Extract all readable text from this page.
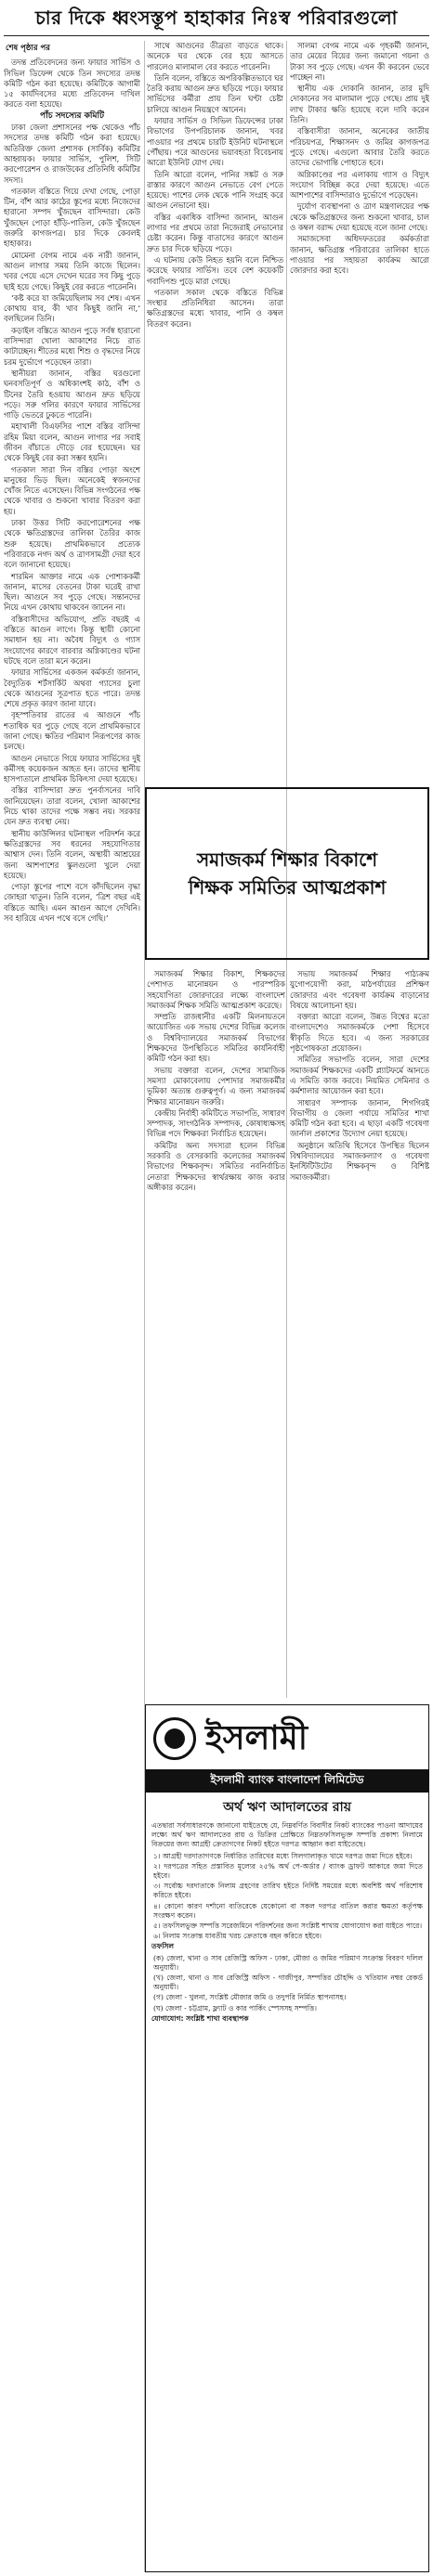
চার দিকে ধ্বংসস্তূপ হাহাকার নিঃস্ব পরিবারগুলো
শেষ পৃষ্ঠার পর

তদন্ত প্রতিবেদনের জন্য ফায়ার সার্ভিস ও সিভিল ডিফেন্স থেকে তিন সদস্যের তদন্ত কমিটি গঠন করা হয়েছে। কমিটিকে আগামী ১৫ কার্যদিবসের মধ্যে প্রতিবেদন দাখিল করতে বলা হয়েছে।

পাঁচ সদস্যের কমিটি

ঢাকা জেলা প্রশাসনের পক্ষ থেকেও পাঁচ সদস্যের তদন্ত কমিটি গঠন করা হয়েছে। অতিরিক্ত জেলা প্রশাসক (সার্বিক) কমিটির আহ্বায়ক। ফায়ার সার্ভিস, পুলিশ, সিটি করপোরেশন ও রাজউকের প্রতিনিধি কমিটির সদস্য।

গতকাল বস্তিতে গিয়ে দেখা গেছে, পোড়া টিন, বাঁশ আর কাঠের স্তূপের মধ্যে নিজেদের হারানো সম্পদ খুঁজছেন বাসিন্দারা। কেউ খুঁজছেন পোড়া হাঁড়ি-পাতিল, কেউ খুঁজছেন জরুরি কাগজপত্র। চার দিকে কেবলই হাহাকার।

মোমেনা বেগম নামে এক নারী জানান, আগুন লাগার সময় তিনি কাজে ছিলেন। খবর পেয়ে এসে দেখেন ঘরের সব কিছু পুড়ে ছাই হয়ে গেছে। কিছুই বের করতে পারেননি।

‘কষ্ট করে যা জমিয়েছিলাম সব শেষ। এখন কোথায় যাব, কী খাব কিছুই জানি না,’ বলছিলেন তিনি।

কড়াইল বস্তিতে আগুন পুড়ে সর্বস্ব হারানো বাসিন্দারা খোলা আকাশের নিচে রাত কাটাচ্ছেন। শীতের মধ্যে শিশু ও বৃদ্ধদের নিয়ে চরম দুর্ভোগে পড়েছেন তারা।

স্থানীয়রা জানান, বস্তির ঘরগুলো ঘনবসতিপূর্ণ ও অধিকাংশই কাঠ, বাঁশ ও টিনের তৈরি হওয়ায় আগুন দ্রুত ছড়িয়ে পড়ে। সরু গলির কারণে ফায়ার সার্ভিসের গাড়ি ভেতরে ঢুকতে পারেনি।

মহাখালী বিএফসির পাশে বস্তির বাসিন্দা রহিম মিয়া বলেন, আগুন লাগার পর সবাই জীবন বাঁচাতে দৌড়ে বের হয়েছেন। ঘর থেকে কিছুই বের করা সম্ভব হয়নি।

গতকাল সারা দিন বস্তির পোড়া অংশে মানুষের ভিড় ছিল। অনেকেই স্বজনদের খোঁজ নিতে এসেছেন। বিভিন্ন সংগঠনের পক্ষ থেকে খাবার ও শুকনো খাবার বিতরণ করা হয়।

ঢাকা উত্তর সিটি করপোরেশনের পক্ষ থেকে ক্ষতিগ্রস্তদের তালিকা তৈরির কাজ শুরু হয়েছে। প্রাথমিকভাবে প্রত্যেক পরিবারকে নগদ অর্থ ও ত্রাণসামগ্রী দেয়া হবে বলে জানানো হয়েছে।

শারমিন আক্তার নামে এক পোশাককর্মী জানান, মাসের বেতনের টাকা ঘরেই রাখা ছিল। আগুনে সব পুড়ে গেছে। সন্তানদের নিয়ে এখন কোথায় থাকবেন জানেন না।

বস্তিবাসীদের অভিযোগ, প্রতি বছরই এ বস্তিতে আগুন লাগে। কিন্তু স্থায়ী কোনো সমাধান হয় না। অবৈধ বিদ্যুৎ ও গ্যাস সংযোগের কারণে বারবার অগ্নিকাণ্ডের ঘটনা ঘটছে বলে তারা মনে করেন।

ফায়ার সার্ভিসের একজন কর্মকর্তা জানান, বৈদ্যুতিক শর্টসার্কিট অথবা গ্যাসের চুলা থেকে আগুনের সূত্রপাত হতে পারে। তদন্ত শেষে প্রকৃত কারণ জানা যাবে।

বৃহস্পতিবার রাতের এ আগুনে পাঁচ শতাধিক ঘর পুড়ে গেছে বলে প্রাথমিকভাবে জানা গেছে। ক্ষতির পরিমাণ নিরূপণের কাজ চলছে।

আগুন নেভাতে গিয়ে ফায়ার সার্ভিসের দুই কর্মীসহ কয়েকজন আহত হন। তাদের স্থানীয় হাসপাতালে প্রাথমিক চিকিৎসা দেয়া হয়েছে।

বস্তির বাসিন্দারা দ্রুত পুনর্বাসনের দাবি জানিয়েছেন। তারা বলেন, খোলা আকাশের নিচে থাকা তাদের পক্ষে সম্ভব নয়। সরকার যেন দ্রুত ব্যবস্থা নেয়।

স্থানীয় কাউন্সিলর ঘটনাস্থল পরিদর্শন করে ক্ষতিগ্রস্তদের সব ধরনের সহযোগিতার আশ্বাস দেন। তিনি বলেন, অস্থায়ী আশ্রয়ের জন্য আশপাশের স্কুলগুলো খুলে দেয়া হয়েছে।

পোড়া স্তূপের পাশে বসে কাঁদছিলেন বৃদ্ধা জোহরা খাতুন। তিনি বলেন, ‘ত্রিশ বছর এই বস্তিতে আছি। এমন আগুন আগে দেখিনি। সব হারিয়ে এখন পথে বসে গেছি।’

সাথে আগুনের তীব্রতা বাড়তে থাকে। অনেকে ঘর থেকে বের হয়ে আসতে পারলেও মালামাল বের করতে পারেননি।

তিনি বলেন, বস্তিতে অপরিকল্পিতভাবে ঘর তৈরি করায় আগুন দ্রুত ছড়িয়ে পড়ে। ফায়ার সার্ভিসের কর্মীরা প্রায় তিন ঘণ্টা চেষ্টা চালিয়ে আগুন নিয়ন্ত্রণে আনেন।

ফায়ার সার্ভিস ও সিভিল ডিফেন্সের ঢাকা বিভাগের উপপরিচালক জানান, খবর পাওয়ার পর প্রথমে চারটি ইউনিট ঘটনাস্থলে পৌঁছায়। পরে আগুনের ভয়াবহতা বিবেচনায় আরো ইউনিট যোগ দেয়।

তিনি আরো বলেন, পানির সঙ্কট ও সরু রাস্তার কারণে আগুন নেভাতে বেগ পেতে হয়েছে। পাশের লেক থেকে পানি সংগ্রহ করে আগুন নেভানো হয়।

বস্তির একাধিক বাসিন্দা জানান, আগুন লাগার পর প্রথমে তারা নিজেরাই নেভানোর চেষ্টা করেন। কিন্তু বাতাসের কারণে আগুন দ্রুত চার দিকে ছড়িয়ে পড়ে।

এ ঘটনায় কেউ নিহত হয়নি বলে নিশ্চিত করেছে ফায়ার সার্ভিস। তবে বেশ কয়েকটি গবাদিপশু পুড়ে মারা গেছে।

গতকাল সকাল থেকে বস্তিতে বিভিন্ন সংস্থার প্রতিনিধিরা আসেন। তারা ক্ষতিগ্রস্তদের মধ্যে খাবার, পানি ও কম্বল বিতরণ করেন।

সালমা বেগম নামে এক গৃহকর্মী জানান, তার মেয়ের বিয়ের জন্য জমানো গয়না ও টাকা সব পুড়ে গেছে। এখন কী করবেন ভেবে পাচ্ছেন না।

স্থানীয় এক দোকানি জানান, তার মুদি দোকানের সব মালামাল পুড়ে গেছে। প্রায় দুই লাখ টাকার ক্ষতি হয়েছে বলে দাবি করেন তিনি।

বস্তিবাসীরা জানান, অনেকের জাতীয় পরিচয়পত্র, শিক্ষাসনদ ও জমির কাগজপত্র পুড়ে গেছে। এগুলো আবার তৈরি করতে তাদের ভোগান্তি পোহাতে হবে।

অগ্নিকাণ্ডের পর এলাকায় গ্যাস ও বিদ্যুৎ সংযোগ বিচ্ছিন্ন করে দেয়া হয়েছে। এতে আশপাশের বাসিন্দারাও দুর্ভোগে পড়েছেন।

দুর্যোগ ব্যবস্থাপনা ও ত্রাণ মন্ত্রণালয়ের পক্ষ থেকে ক্ষতিগ্রস্তদের জন্য শুকনো খাবার, চাল ও কম্বল বরাদ্দ দেয়া হয়েছে বলে জানা গেছে।

সমাজসেবা অধিদফতরের কর্মকর্তারা জানান, ক্ষতিগ্রস্ত পরিবারের তালিকা হাতে পাওয়ার পর সহায়তা কার্যক্রম আরো জোরদার করা হবে।

সমাজকর্ম শিক্ষার বিকাশে
শিক্ষক সমিতির আত্মপ্রকাশ

সমাজকর্ম শিক্ষার বিকাশ, শিক্ষকদের পেশাগত মানোন্নয়ন ও পারস্পরিক সহযোগিতা জোরদারের লক্ষ্যে বাংলাদেশ সমাজকর্ম শিক্ষক সমিতি আত্মপ্রকাশ করেছে।

সম্প্রতি রাজধানীর একটি মিলনায়তনে আয়োজিত এক সভায় দেশের বিভিন্ন কলেজ ও বিশ্ববিদ্যালয়ের সমাজকর্ম বিভাগের শিক্ষকদের উপস্থিতিতে সমিতির কার্যনির্বাহী কমিটি গঠন করা হয়।

সভায় বক্তারা বলেন, দেশের সামাজিক সমস্যা মোকাবেলায় পেশাদার সমাজকর্মীর ভূমিকা অত্যন্ত গুরুত্বপূর্ণ। এ জন্য সমাজকর্ম শিক্ষার মানোন্নয়ন জরুরি।

কেন্দ্রীয় নির্বাহী কমিটিতে সভাপতি, সাধারণ সম্পাদক, সাংগঠনিক সম্পাদক, কোষাধ্যক্ষসহ বিভিন্ন পদে শিক্ষকরা নির্বাচিত হয়েছেন।

কমিটির অন্য সদস্যরা হলেন বিভিন্ন সরকারি ও বেসরকারি কলেজের সমাজকর্ম বিভাগের শিক্ষকবৃন্দ। সমিতির নবনির্বাচিত নেতারা শিক্ষকদের স্বার্থরক্ষায় কাজ করার অঙ্গীকার করেন।

সভায় সমাজকর্ম শিক্ষার পাঠ্যক্রম যুগোপযোগী করা, মাঠপর্যায়ের প্রশিক্ষণ জোরদার এবং গবেষণা কার্যক্রম বাড়ানোর বিষয়ে আলোচনা হয়।

বক্তারা আরো বলেন, উন্নত বিশ্বের মতো বাংলাদেশেও সমাজকর্মকে পেশা হিসেবে স্বীকৃতি দিতে হবে। এ জন্য সরকারের পৃষ্ঠপোষকতা প্রয়োজন।

সমিতির সভাপতি বলেন, সারা দেশের সমাজকর্ম শিক্ষকদের একটি প্ল্যাটফর্মে আনতে এ সমিতি কাজ করবে। নিয়মিত সেমিনার ও কর্মশালার আয়োজন করা হবে।

সাধারণ সম্পাদক জানান, শিগগিরই বিভাগীয় ও জেলা পর্যায়ে সমিতির শাখা কমিটি গঠন করা হবে। এ ছাড়া একটি গবেষণা জার্নাল প্রকাশের উদ্যোগ নেয়া হয়েছে।

অনুষ্ঠানে অতিথি হিসেবে উপস্থিত ছিলেন বিশ্ববিদ্যালয়ের সমাজকল্যাণ ও গবেষণা ইনস্টিটিউটের শিক্ষকবৃন্দ ও বিশিষ্ট সমাজকর্মীরা।

ইসলামী
ইসলামী ব্যাংক বাংলাদেশ লিমিটেড
অর্থ ঋণ আদালতের রায়

এতদ্বারা সর্বসাধারণকে জানানো যাইতেছে যে, নিম্নবর্ণিত বিবাদীর নিকট ব্যাংকের পাওনা আদায়ের লক্ষ্যে অর্থ ঋণ আদালতের রায় ও ডিক্রির প্রেক্ষিতে নিম্নতফসিলভুক্ত সম্পত্তি প্রকাশ্য নিলামে বিক্রয়ের জন্য আগ্রহী ক্রেতাগণের নিকট হইতে দরপত্র আহ্বান করা যাইতেছে।

১। আগ্রহী দরদাতাগণকে নির্ধারিত তারিখের মধ্যে সিলগালাকৃত খামে দরপত্র জমা দিতে হইবে।
২। দরপত্রের সহিত প্রস্তাবিত মূল্যের ২৫% অর্থ পে-অর্ডার / ব্যাংক ড্রাফট আকারে জমা দিতে হইবে।
৩। সর্বোচ্চ দরদাতাকে নিলাম গ্রহণের তারিখ হইতে নির্দিষ্ট সময়ের মধ্যে অবশিষ্ট অর্থ পরিশোধ করিতে হইবে।
৪। কোনো কারণ দর্শানো ব্যতিরেকে যেকোনো বা সকল দরপত্র বাতিল করার ক্ষমতা কর্তৃপক্ষ সংরক্ষণ করেন।
৫। তফসিলভুক্ত সম্পত্তি সরেজমিনে পরিদর্শনের জন্য সংশ্লিষ্ট শাখায় যোগাযোগ করা যাইতে পারে।
৬। নিলাম সংক্রান্ত যাবতীয় খরচ ক্রেতাকে বহন করিতে হইবে।

তফসিল

(ক) জেলা, থানা ও সাব রেজিস্ট্রি অফিস - ঢাকা, মৌজা ও জমির পরিমাণ সংক্রান্ত বিবরণ দলিল অনুযায়ী।
(খ) জেলা, থানা ও সাব রেজিস্ট্রি অফিস - গাজীপুর, সম্পত্তির চৌহদ্দি ও খতিয়ান নম্বর রেকর্ড অনুযায়ী।
(গ) জেলা - খুলনা, সংশ্লিষ্ট মৌজার জমি ও তদুপরি নির্মিত স্থাপনাসহ।
(ঘ) জেলা - চট্টগ্রাম, ফ্ল্যাট ও কার পার্কিং স্পেসসহ সম্পত্তি।

যোগাযোগ: সংশ্লিষ্ট শাখা ব্যবস্থাপক
